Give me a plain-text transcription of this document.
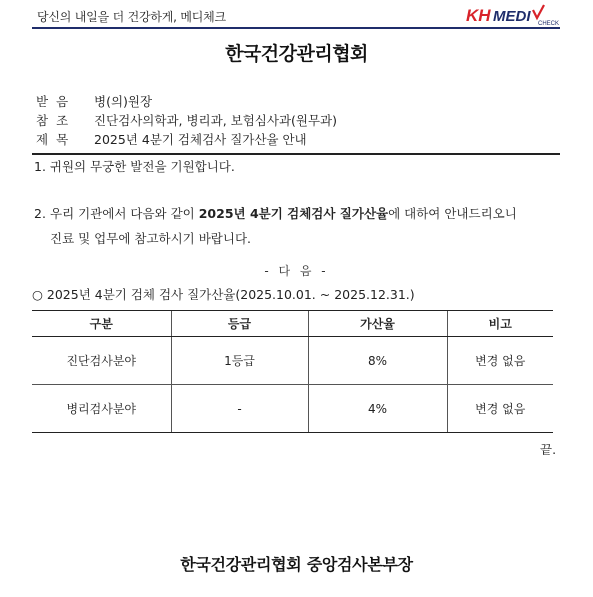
당신의 내일을 더 건강하게, 메디체크	KH MEDI CHECK
한국건강관리협회
받음	병(의)원장
참조	진단검사의학과, 병리과, 보험심사과(원무과)
제목	2025년 4분기 검체검사 질가산율 안내
1. 귀원의 무궁한 발전을 기원합니다.
2. 우리 기관에서 다음와 같이 2025년 4분기 검체검사 질가산율에 대하여 안내드리오니
진료 및 업무에 참고하시기 바랍니다.
- 다 음 -
○ 2025년 4분기 검체 검사 질가산율(2025.10.01. ~ 2025.12.31.)
구분	등급	가산율	비고
진단검사분야	1등급	8%	변경 없음
병리검사분야	-	4%	변경 없음
끝.
한국건강관리협회 중앙검사본부장
